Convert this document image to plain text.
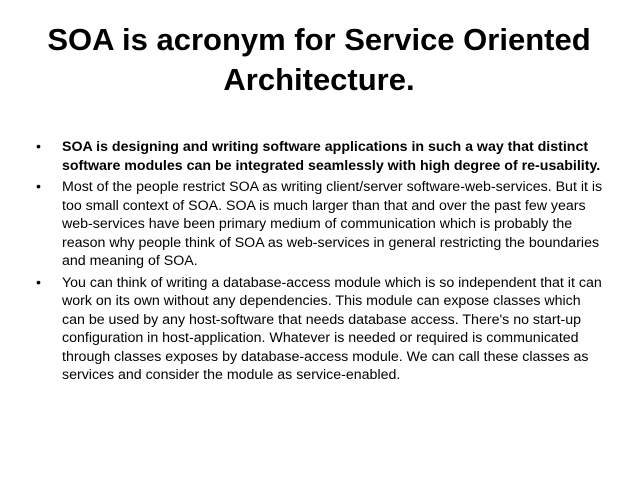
SOA is acronym for Service Oriented Architecture.
• SOA is designing and writing software applications in such a way that distinct software modules can be integrated seamlessly with high degree of re-usability.
• Most of the people restrict SOA as writing client/server software-web-services. But it is too small context of SOA. SOA is much larger than that and over the past few years web-services have been primary medium of communication which is probably the reason why people think of SOA as web-services in general restricting the boundaries and meaning of SOA.
• You can think of writing a database-access module which is so independent that it can work on its own without any dependencies. This module can expose classes which can be used by any host-software that needs database access. There's no start-up configuration in host-application. Whatever is needed or required is communicated through classes exposes by database-access module. We can call these classes as services and consider the module as service-enabled.
